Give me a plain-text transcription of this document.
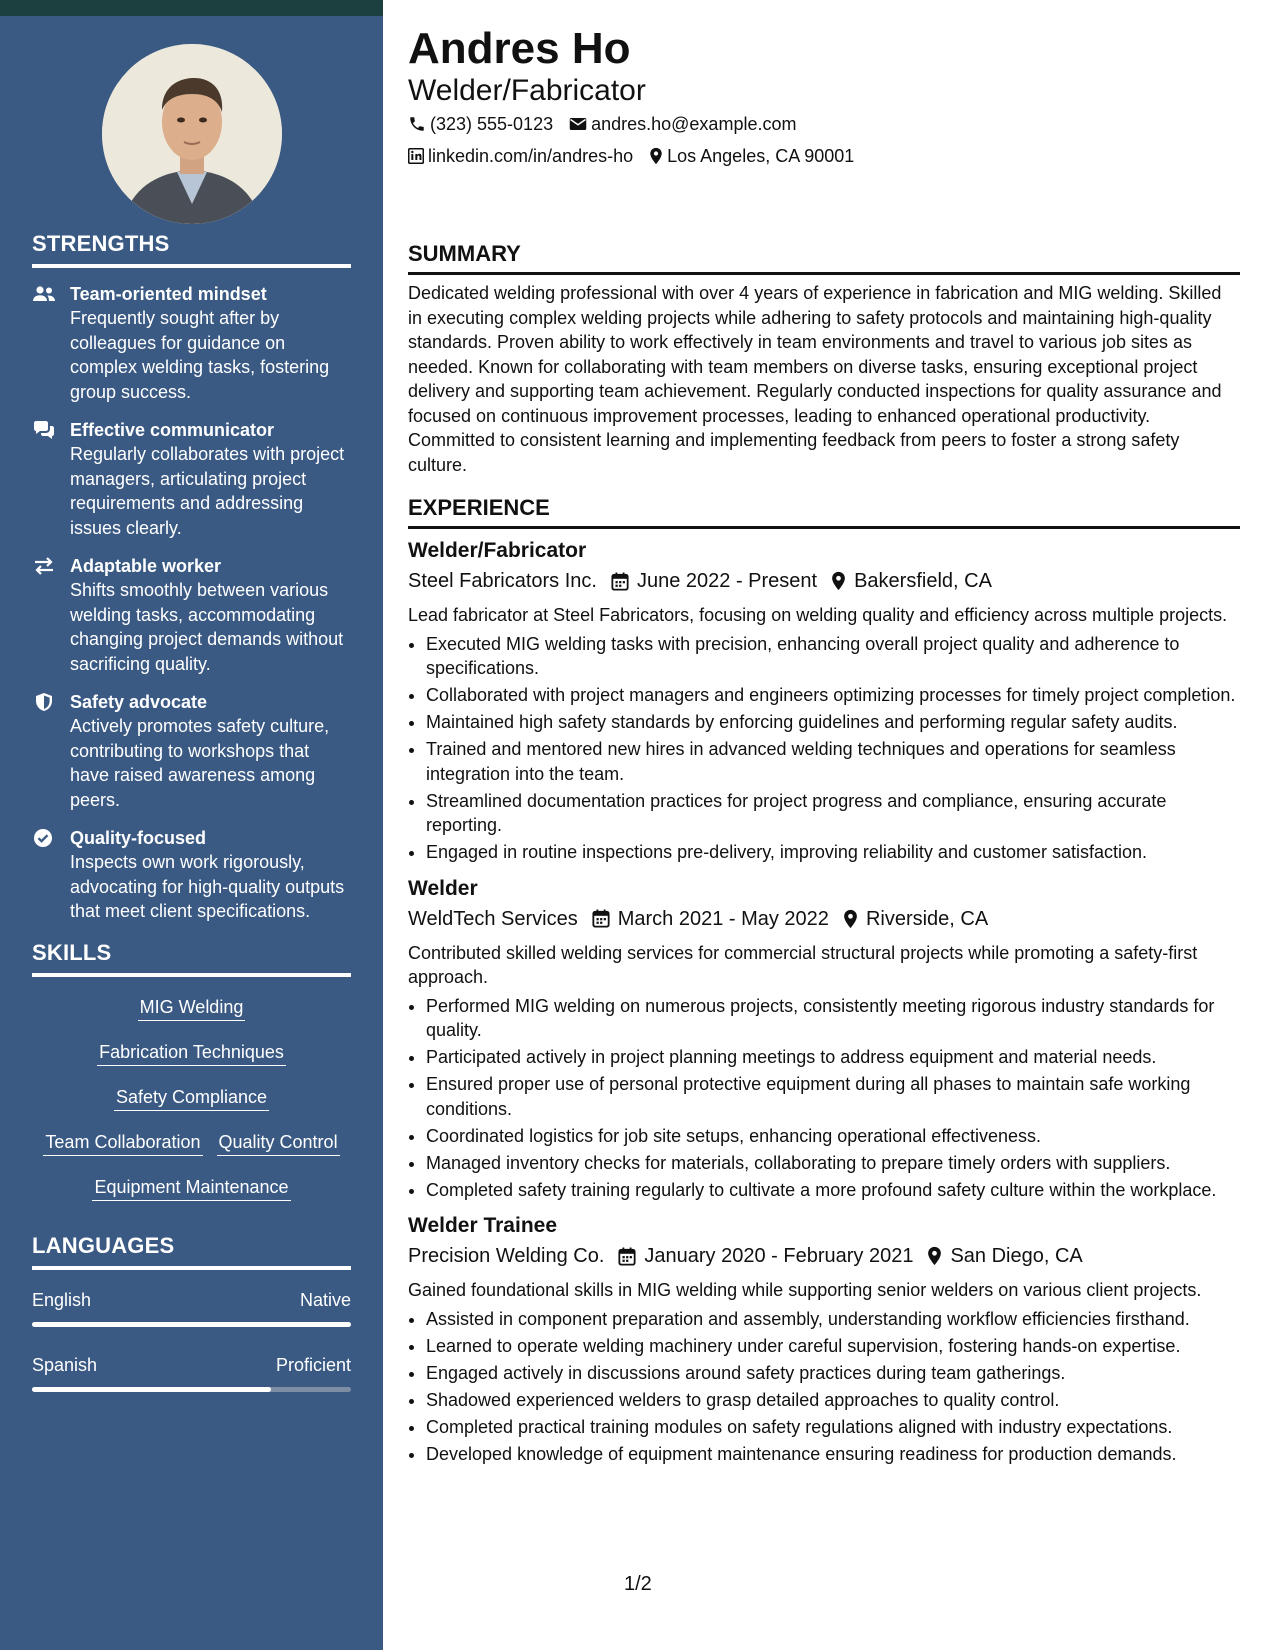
STRENGTHS
Team-oriented mindset
Frequently sought after by colleagues for guidance on complex welding tasks, fostering group success.
Effective communicator
Regularly collaborates with project managers, articulating project requirements and addressing issues clearly.
Adaptable worker
Shifts smoothly between various welding tasks, accommodating changing project demands without sacrificing quality.
Safety advocate
Actively promotes safety culture, contributing to workshops that have raised awareness among peers.
Quality-focused
Inspects own work rigorously, advocating for high-quality outputs that meet client specifications.
SKILLS
MIG Welding
Fabrication Techniques
Safety Compliance
Team Collaboration Quality Control
Equipment Maintenance
LANGUAGES
English	Native
Spanish	Proficient
Andres Ho
Welder/Fabricator
(323) 555-0123 andres.ho@example.com
linkedin.com/in/andres-ho Los Angeles, CA 90001
SUMMARY

Dedicated welding professional with over 4 years of experience in fabrication and MIG welding. Skilled in executing complex welding projects while adhering to safety protocols and maintaining high-quality standards. Proven ability to work effectively in team environments and travel to various job sites as needed. Known for collaborating with team members on diverse tasks, ensuring exceptional project delivery and supporting team achievement. Regularly conducted inspections for quality assurance and focused on continuous improvement processes, leading to enhanced operational productivity. Committed to consistent learning and implementing feedback from peers to foster a strong safety culture.

EXPERIENCE
Welder/Fabricator
Steel Fabricators Inc. June 2022 - Present Bakersfield, CA

Lead fabricator at Steel Fabricators, focusing on welding quality and efficiency across multiple projects.

• Executed MIG welding tasks with precision, enhancing overall project quality and adherence to specifications.
• Collaborated with project managers and engineers optimizing processes for timely project completion.
• Maintained high safety standards by enforcing guidelines and performing regular safety audits.
• Trained and mentored new hires in advanced welding techniques and operations for seamless integration into the team.
• Streamlined documentation practices for project progress and compliance, ensuring accurate reporting.
• Engaged in routine inspections pre-delivery, improving reliability and customer satisfaction.
Welder
WeldTech Services March 2021 - May 2022 Riverside, CA

Contributed skilled welding services for commercial structural projects while promoting a safety-first approach.

• Performed MIG welding on numerous projects, consistently meeting rigorous industry standards for quality.
• Participated actively in project planning meetings to address equipment and material needs.
• Ensured proper use of personal protective equipment during all phases to maintain safe working conditions.
• Coordinated logistics for job site setups, enhancing operational effectiveness.
• Managed inventory checks for materials, collaborating to prepare timely orders with suppliers.
• Completed safety training regularly to cultivate a more profound safety culture within the workplace.
Welder Trainee
Precision Welding Co. January 2020 - February 2021 San Diego, CA

Gained foundational skills in MIG welding while supporting senior welders on various client projects.

• Assisted in component preparation and assembly, understanding workflow efficiencies firsthand.
• Learned to operate welding machinery under careful supervision, fostering hands-on expertise.
• Engaged actively in discussions around safety practices during team gatherings.
• Shadowed experienced welders to grasp detailed approaches to quality control.
• Completed practical training modules on safety regulations aligned with industry expectations.
• Developed knowledge of equipment maintenance ensuring readiness for production demands.
1/2
